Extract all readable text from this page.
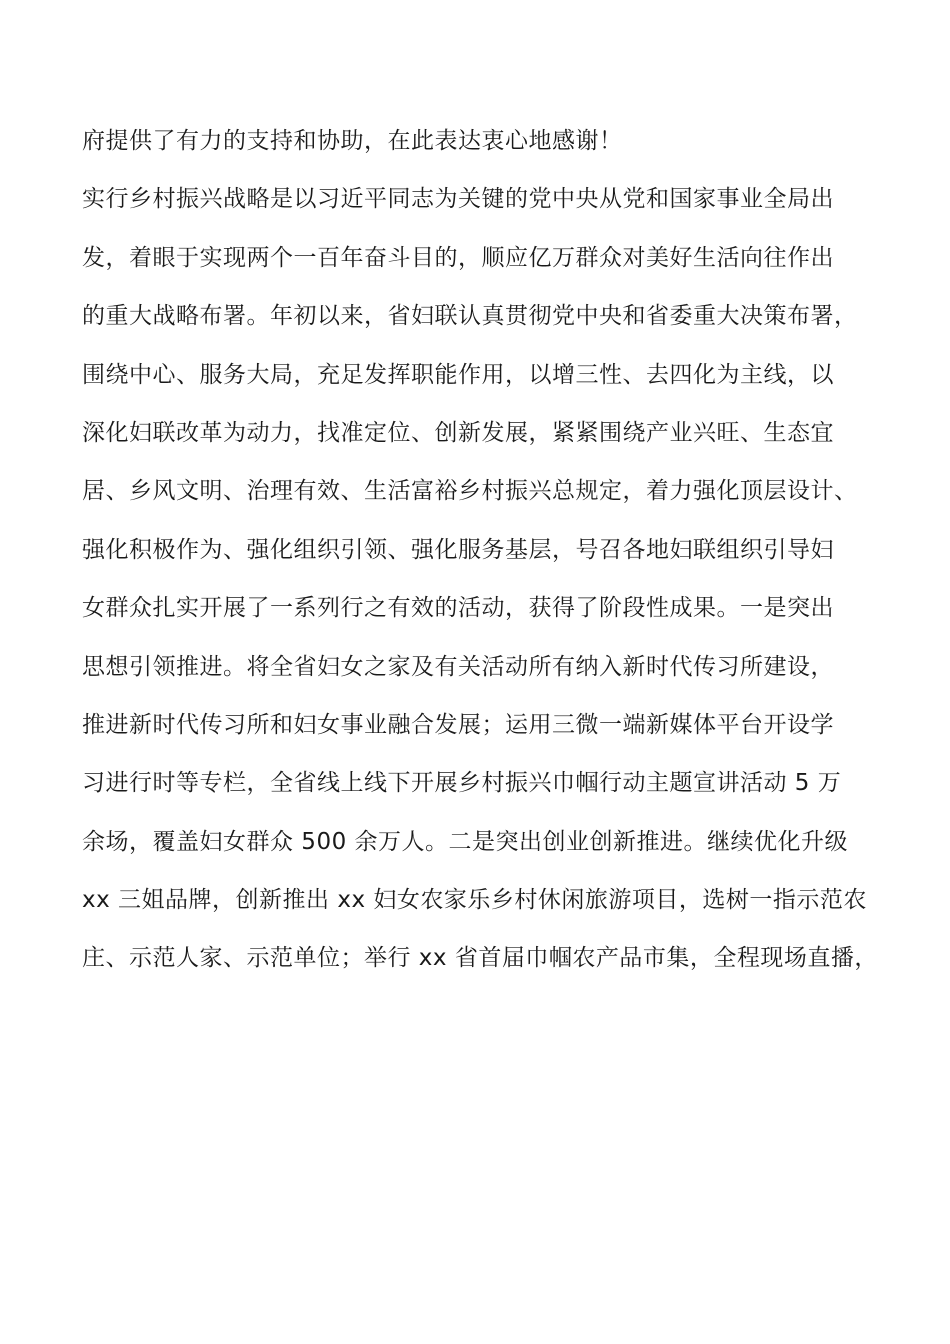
府提供了有力的支持和协助，在此表达衷心地感谢！
实行乡村振兴战略是以习近平同志为关键的党中央从党和国家事业全局出
发，着眼于实现两个一百年奋斗目的，顺应亿万群众对美好生活向往作出
的重大战略布署。年初以来，省妇联认真贯彻党中央和省委重大决策布署，
围绕中心、服务大局，充足发挥职能作用，以增三性、去四化为主线，以
深化妇联改革为动力，找准定位、创新发展，紧紧围绕产业兴旺、生态宜
居、乡风文明、治理有效、生活富裕乡村振兴总规定，着力强化顶层设计、
强化积极作为、强化组织引领、强化服务基层，号召各地妇联组织引导妇
女群众扎实开展了一系列行之有效的活动，获得了阶段性成果。一是突出
思想引领推进。将全省妇女之家及有关活动所有纳入新时代传习所建设，
推进新时代传习所和妇女事业融合发展；运用三微一端新媒体平台开设学
习进行时等专栏，全省线上线下开展乡村振兴巾帼行动主题宣讲活动 5 万
余场，覆盖妇女群众 500 余万人。二是突出创业创新推进。继续优化升级
xx 三姐品牌，创新推出 xx 妇女农家乐乡村休闲旅游项目，选树一指示范农
庄、示范人家、示范单位；举行 xx 省首届巾帼农产品市集，全程现场直播，
